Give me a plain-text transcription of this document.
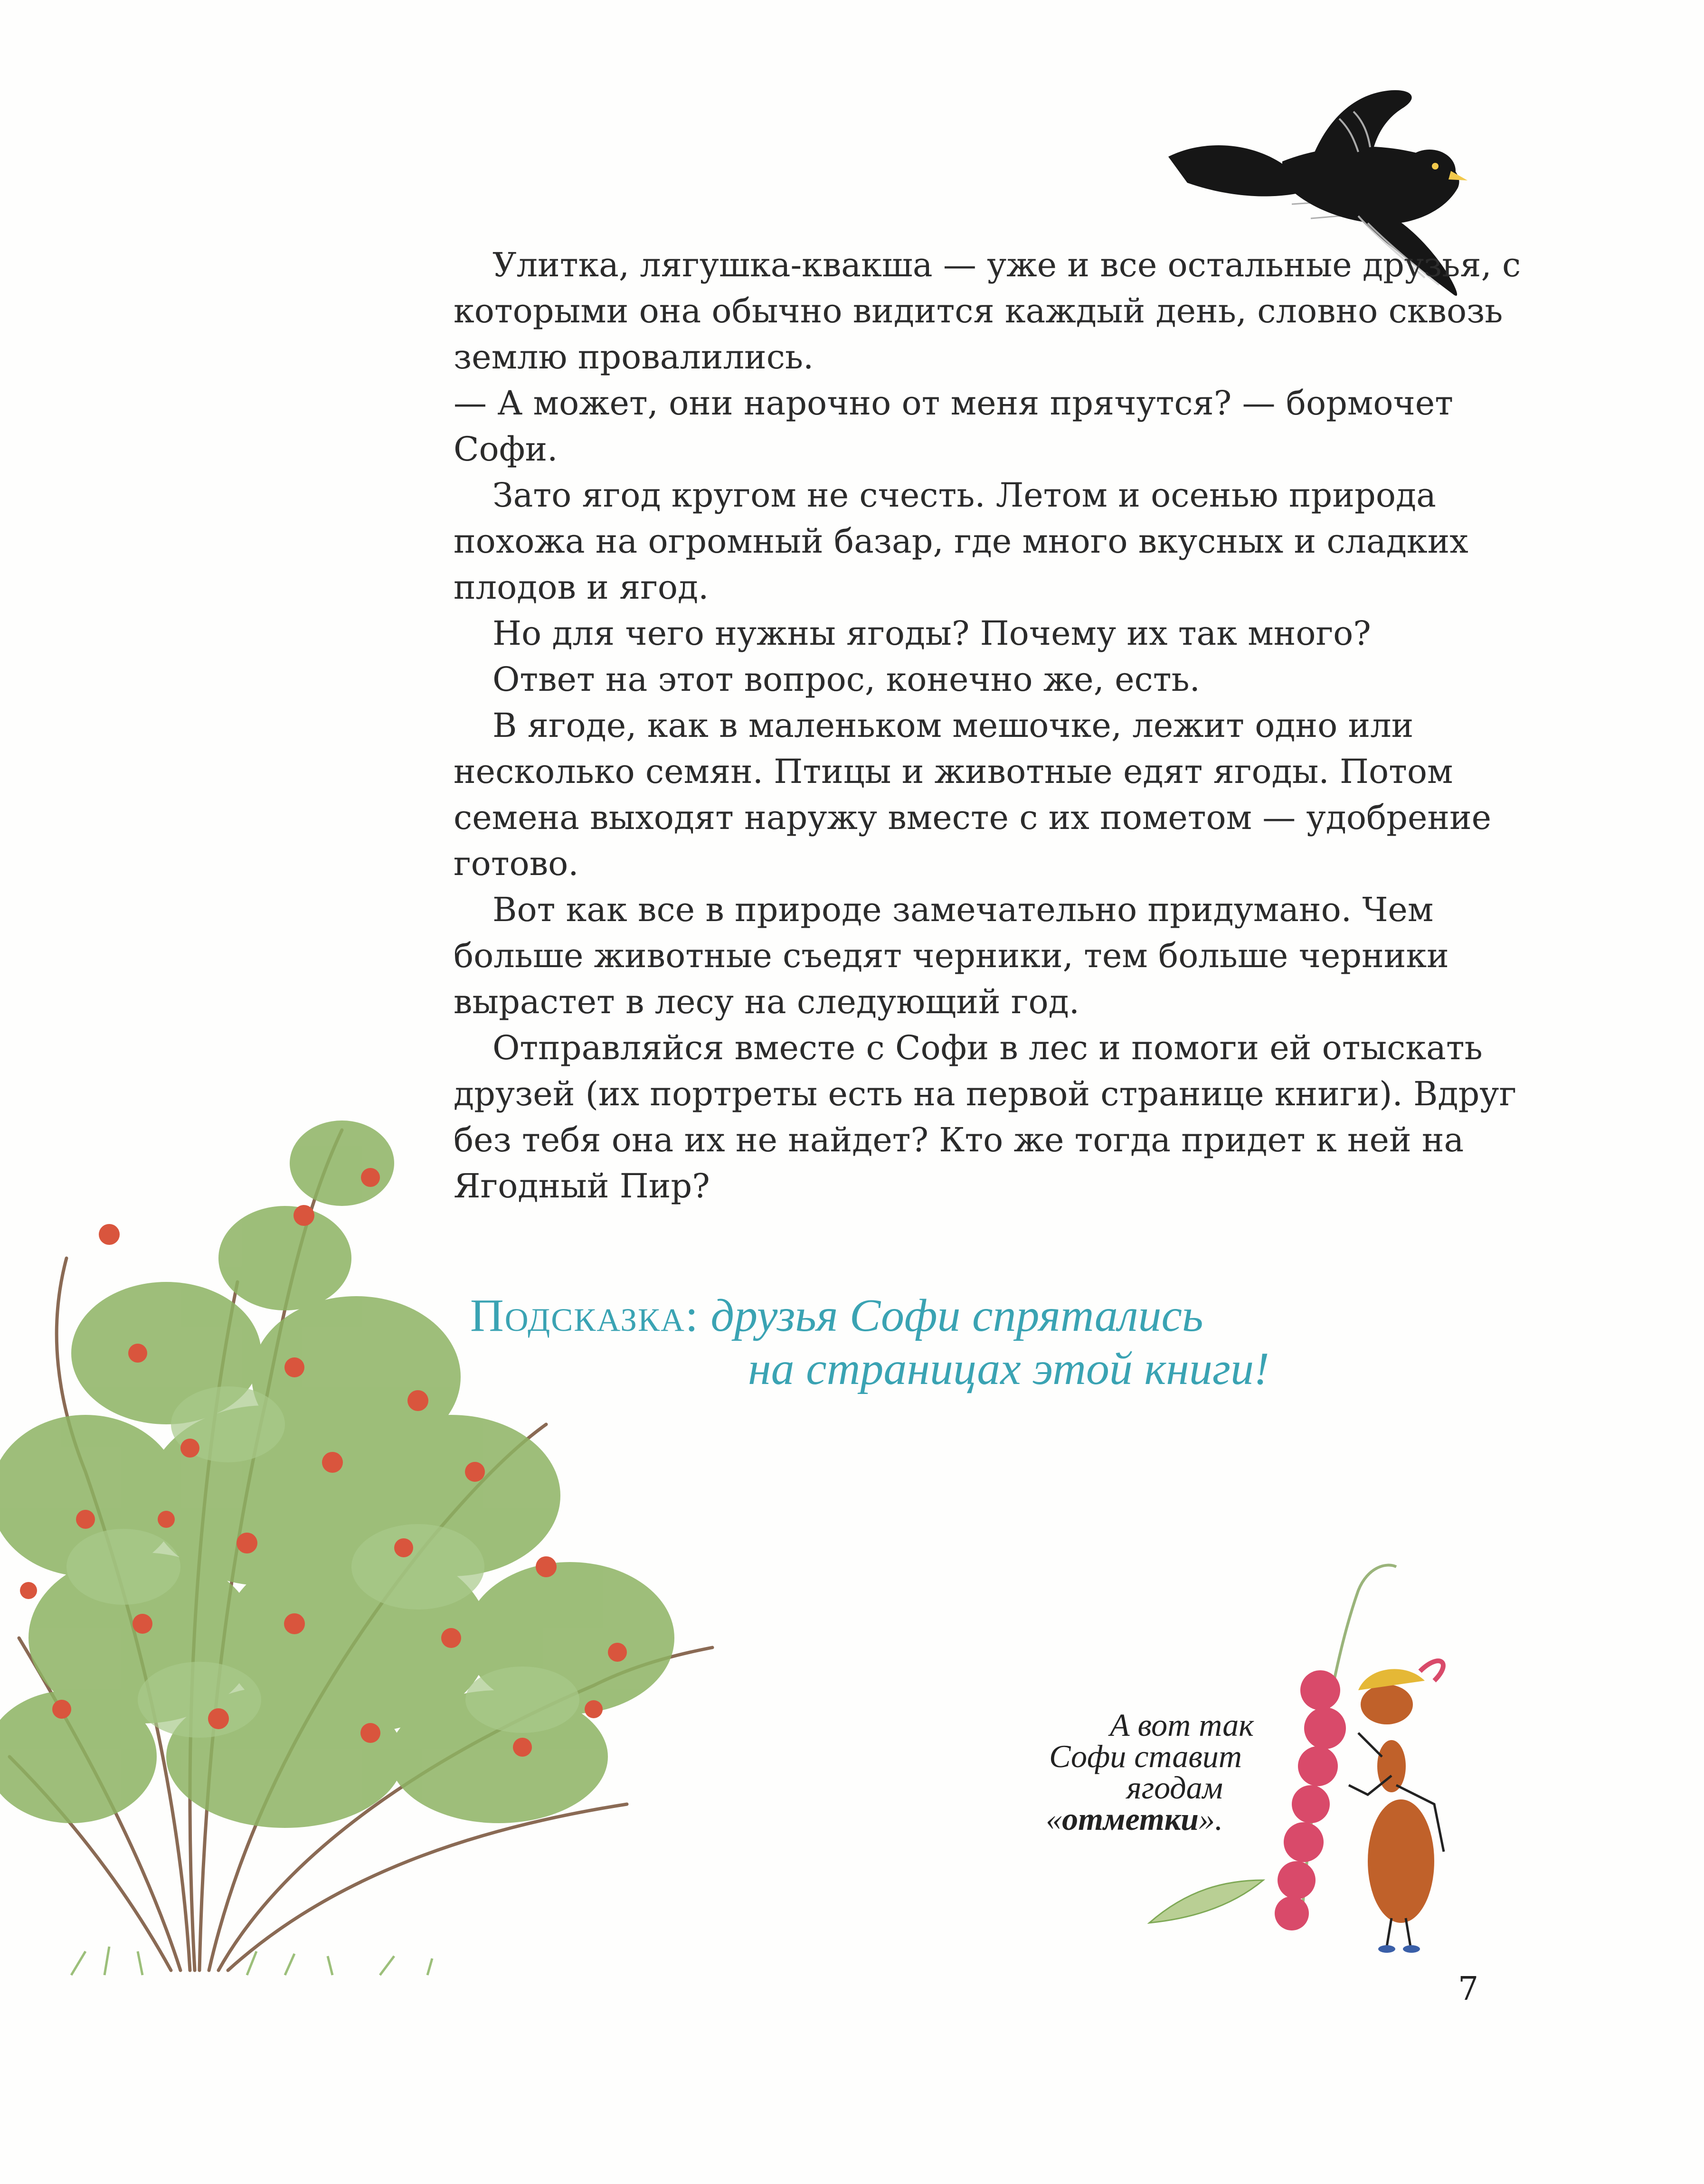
Улитка, лягушка-квакша — уже и все остальные друзья, с которыми она обычно видится каждый день, словно сквозь землю провалились.

— А может, они нарочно от меня прячутся? — бормочет Софи.

Зато ягод кругом не счесть. Летом и осенью природа похожа на огромный базар, где много вкусных и сладких плодов и ягод.

Но для чего нужны ягоды? Почему их так много?

Ответ на этот вопрос, конечно же, есть.

В ягоде, как в маленьком мешочке, лежит одно или несколько семян. Птицы и животные едят ягоды. Потом семена выходят наружу вместе с их пометом — удобрение готово.

Вот как все в природе замечательно придумано. Чем больше животные съедят черники, тем больше черники вырастет в лесу на следующий год.

Отправляйся вместе с Софи в лес и помоги ей отыскать друзей (их портреты есть на первой странице книги). Вдруг без тебя она их не найдет? Кто же тогда придет к ней на Ягодный Пир?

Подсказка: друзья Софи спрятались
на страницах этой книги!
А вот так
Софи ставит
ягодам
«отметки».
7
